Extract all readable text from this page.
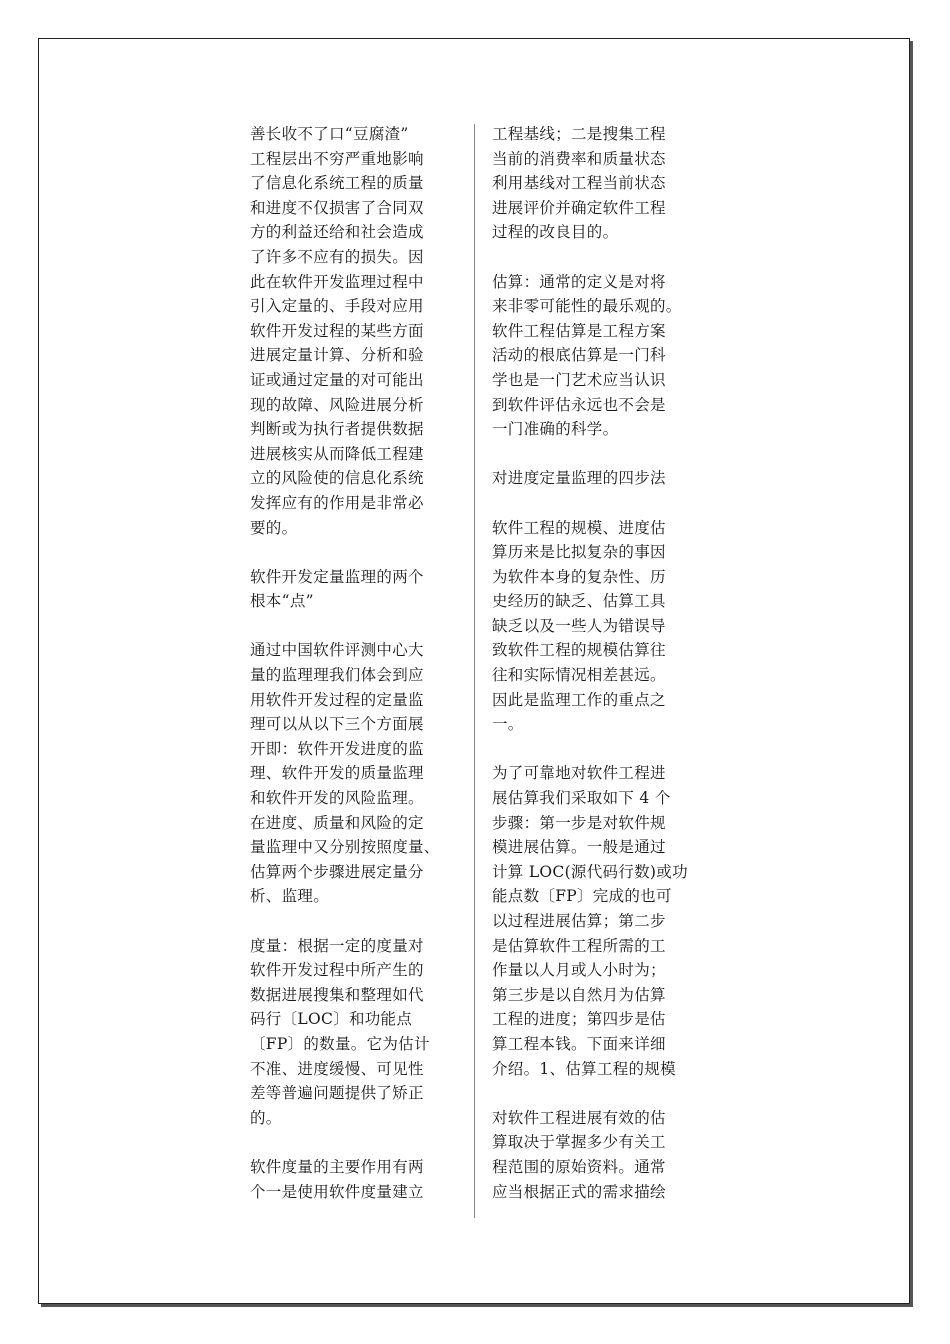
善长收不了口“豆腐渣”
工程层出不穷严重地影响
了信息化系统工程的质量
和进度不仅损害了合同双
方的利益还给和社会造成
了许多不应有的损失。因
此在软件开发监理过程中
引入定量的、手段对应用
软件开发过程的某些方面
进展定量计算、分析和验
证或通过定量的对可能出
现的故障、风险进展分析
判断或为执行者提供数据
进展核实从而降低工程建
立的风险使的信息化系统
发挥应有的作用是非常必
要的。

软件开发定量监理的两个
根本“点”

通过中国软件评测中心大
量的监理理我们体会到应
用软件开发过程的定量监
理可以从以下三个方面展
开即：软件开发进度的监
理、软件开发的质量监理
和软件开发的风险监理。
在进度、质量和风险的定
量监理中又分别按照度量、
估算两个步骤进展定量分
析、监理。

度量：根据一定的度量对
软件开发过程中所产生的
数据进展搜集和整理如代
码行〔LOC〕和功能点
〔FP〕的数量。它为估计
不准、进度缓慢、可见性
差等普遍问题提供了矫正
的。

软件度量的主要作用有两
个一是使用软件度量建立

工程基线；二是搜集工程
当前的消费率和质量状态
利用基线对工程当前状态
进展评价并确定软件工程
过程的改良目的。

估算：通常的定义是对将
来非零可能性的最乐观的。
软件工程估算是工程方案
活动的根底估算是一门科
学也是一门艺术应当认识
到软件评估永远也不会是
一门准确的科学。

对进度定量监理的四步法

软件工程的规模、进度估
算历来是比拟复杂的事因
为软件本身的复杂性、历
史经历的缺乏、估算工具
缺乏以及一些人为错误导
致软件工程的规模估算往
往和实际情况相差甚远。
因此是监理工作的重点之
一。

为了可靠地对软件工程进
展估算我们采取如下 4 个
步骤：第一步是对软件规
模进展估算。一般是通过
计算 LOC(源代码行数)或功
能点数〔FP〕完成的也可
以过程进展估算；第二步
是估算软件工程所需的工
作量以人月或人小时为；
第三步是以自然月为估算
工程的进度；第四步是估
算工程本钱。下面来详细
介绍。1、估算工程的规模

对软件工程进展有效的估
算取决于掌握多少有关工
程范围的原始资料。通常
应当根据正式的需求描绘
